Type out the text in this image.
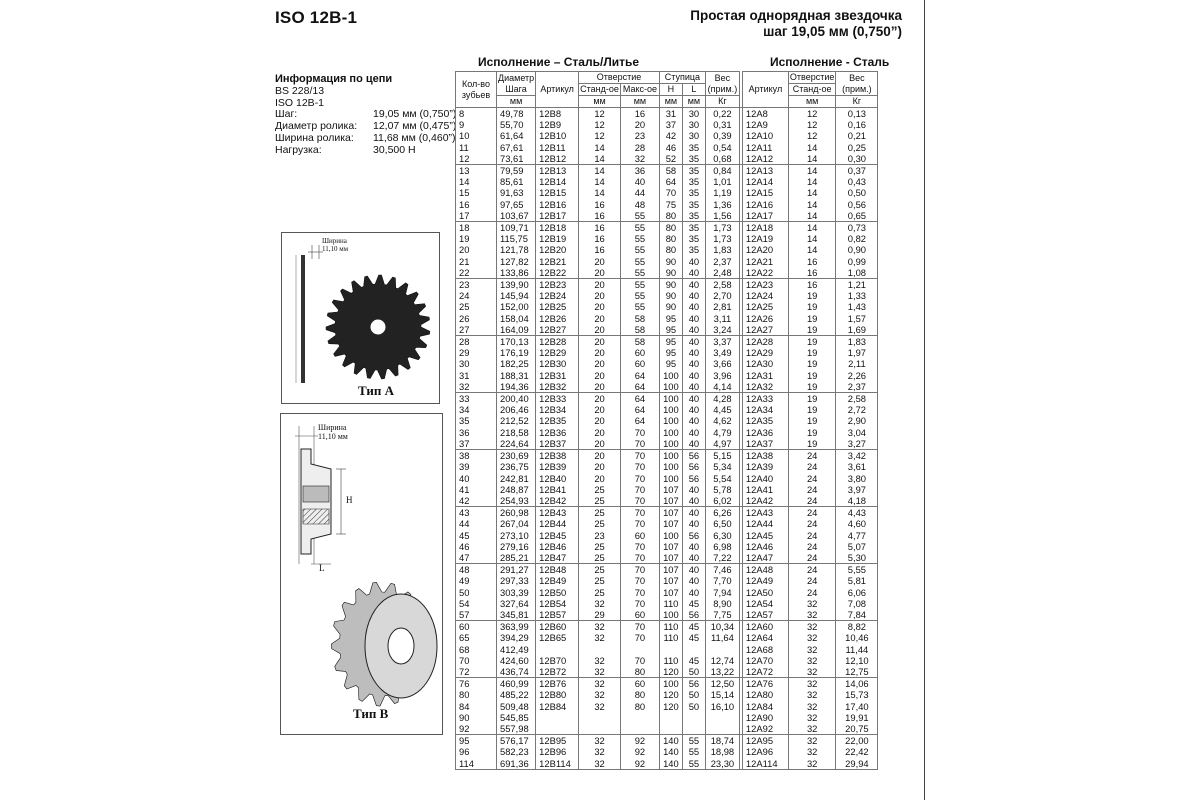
ISO 12B-1	Простая однорядная звездочка
шаг 19,05 мм (0,750”)
Исполнение – Сталь/Литье	Исполнение - Сталь
Информация по цепи
BS 228/13
ISO 12B-1
Шаг:	19,05 мм (0,750”)
Диаметр ролика:	12,07 мм (0,475”)
Ширина ролика:	11,68 мм (0,460”)
Нагрузка:	30,500 Н
Ширина
11,10 мм
Тип А
Ширина
11,10 мм
H
L
Тип В
Кол-во зубьев	Диаметр Шага	Артикул	Отверстие		Ступица		Вес (прим.)		Артикул	Отверстие	Вес (прим.)
			Станд-ое	Макс-ое	H	L				Станд-ое	
	мм		мм	мм	мм	мм	Кг			мм	Кг
8	49,78	12B8	12	16	31	30	0,22		12A8	12	0,13
9	55,70	12B9	12	20	37	30	0,31		12A9	12	0,16
10	61,64	12B10	12	23	42	30	0,39		12A10	12	0,21
11	67,61	12B11	14	28	46	35	0,54		12A11	14	0,25
12	73,61	12B12	14	32	52	35	0,68		12A12	14	0,30
13	79,59	12B13	14	36	58	35	0,84		12A13	14	0,37
14	85,61	12B14	14	40	64	35	1,01		12A14	14	0,43
15	91,63	12B15	14	44	70	35	1,19		12A15	14	0,50
16	97,65	12B16	16	48	75	35	1,36		12A16	14	0,56
17	103,67	12B17	16	55	80	35	1,56		12A17	14	0,65
18	109,71	12B18	16	55	80	35	1,73		12A18	14	0,73
19	115,75	12B19	16	55	80	35	1,73		12A19	14	0,82
20	121,78	12B20	16	55	80	35	1,83		12A20	14	0,90
21	127,82	12B21	20	55	90	40	2,37		12A21	16	0,99
22	133,86	12B22	20	55	90	40	2,48		12A22	16	1,08
23	139,90	12B23	20	55	90	40	2,58		12A23	16	1,21
24	145,94	12B24	20	55	90	40	2,70		12A24	19	1,33
25	152,00	12B25	20	55	90	40	2,81		12A25	19	1,43
26	158,04	12B26	20	58	95	40	3,11		12A26	19	1,57
27	164,09	12B27	20	58	95	40	3,24		12A27	19	1,69
28	170,13	12B28	20	58	95	40	3,37		12A28	19	1,83
29	176,19	12B29	20	60	95	40	3,49		12A29	19	1,97
30	182,25	12B30	20	60	95	40	3,66		12A30	19	2,11
31	188,31	12B31	20	64	100	40	3,96		12A31	19	2,26
32	194,36	12B32	20	64	100	40	4,14		12A32	19	2,37
33	200,40	12B33	20	64	100	40	4,28		12A33	19	2,58
34	206,46	12B34	20	64	100	40	4,45		12A34	19	2,72
35	212,52	12B35	20	64	100	40	4,62		12A35	19	2,90
36	218,58	12B36	20	70	100	40	4,79		12A36	19	3,04
37	224,64	12B37	20	70	100	40	4,97		12A37	19	3,27
38	230,69	12B38	20	70	100	56	5,15		12A38	24	3,42
39	236,75	12B39	20	70	100	56	5,34		12A39	24	3,61
40	242,81	12B40	20	70	100	56	5,54		12A40	24	3,80
41	248,87	12B41	25	70	107	40	5,78		12A41	24	3,97
42	254,93	12B42	25	70	107	40	6,02		12A42	24	4,18
43	260,98	12B43	25	70	107	40	6,26		12A43	24	4,43
44	267,04	12B44	25	70	107	40	6,50		12A44	24	4,60
45	273,10	12B45	23	60	100	56	6,30		12A45	24	4,77
46	279,16	12B46	25	70	107	40	6,98		12A46	24	5,07
47	285,21	12B47	25	70	107	40	7,22		12A47	24	5,30
48	291,27	12B48	25	70	107	40	7,46		12A48	24	5,55
49	297,33	12B49	25	70	107	40	7,70		12A49	24	5,81
50	303,39	12B50	25	70	107	40	7,94		12A50	24	6,06
54	327,64	12B54	32	70	110	45	8,90		12A54	32	7,08
57	345,81	12B57	29	60	100	56	7,75		12A57	32	7,84
60	363,99	12B60	32	70	110	45	10,34		12A60	32	8,82
65	394,29	12B65	32	70	110	45	11,64		12A64	32	10,46
68	412,49								12A68	32	11,44
70	424,60	12B70	32	70	110	45	12,74		12A70	32	12,10
72	436,74	12B72	32	80	120	50	13,22		12A72	32	12,75
76	460,99	12B76	32	60	100	56	12,50		12A76	32	14,06
80	485,22	12B80	32	80	120	50	15,14		12A80	32	15,73
84	509,48	12B84	32	80	120	50	16,10		12A84	32	17,40
90	545,85								12A90	32	19,91
92	557,98								12A92	32	20,75
95	576,17	12B95	32	92	140	55	18,74		12A95	32	22,00
96	582,23	12B96	32	92	140	55	18,98		12A96	32	22,42
114	691,36	12B114	32	92	140	55	23,30		12A114	32	29,94
